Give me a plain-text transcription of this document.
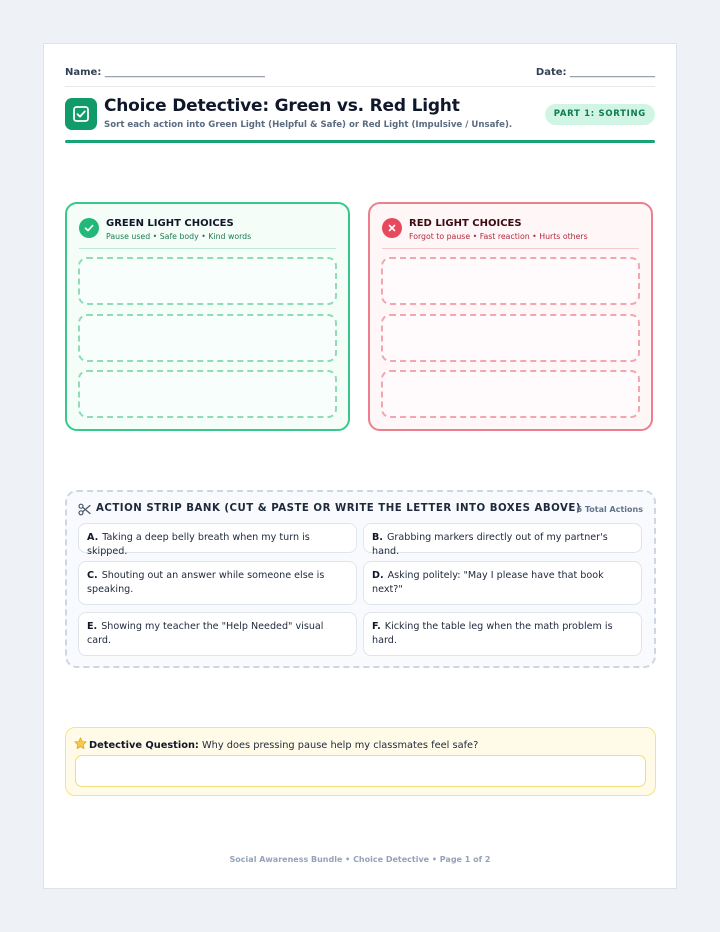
Name: ________________________________	Date: _________________
Choice Detective: Green vs. Red Light
Sort each action into Green Light (Helpful & Safe) or Red Light (Impulsive / Unsafe).
PART 1: SORTING
GREEN LIGHT CHOICES
Pause used • Safe body • Kind words
RED LIGHT CHOICES
Forgot to pause • Fast reaction • Hurts others
ACTION STRIP BANK (CUT & PASTE OR WRITE THE LETTER INTO BOXES ABOVE)
6 Total Actions
A. Taking a deep belly breath when my turn is skipped.
B. Grabbing markers directly out of my partner's hand.
C. Shouting out an answer while someone else is speaking.
D. Asking politely: "May I please have that book next?"
E. Showing my teacher the "Help Needed" visual card.
F. Kicking the table leg when the math problem is hard.
Detective Question: Why does pressing pause help my classmates feel safe?
Social Awareness Bundle • Choice Detective • Page 1 of 2
